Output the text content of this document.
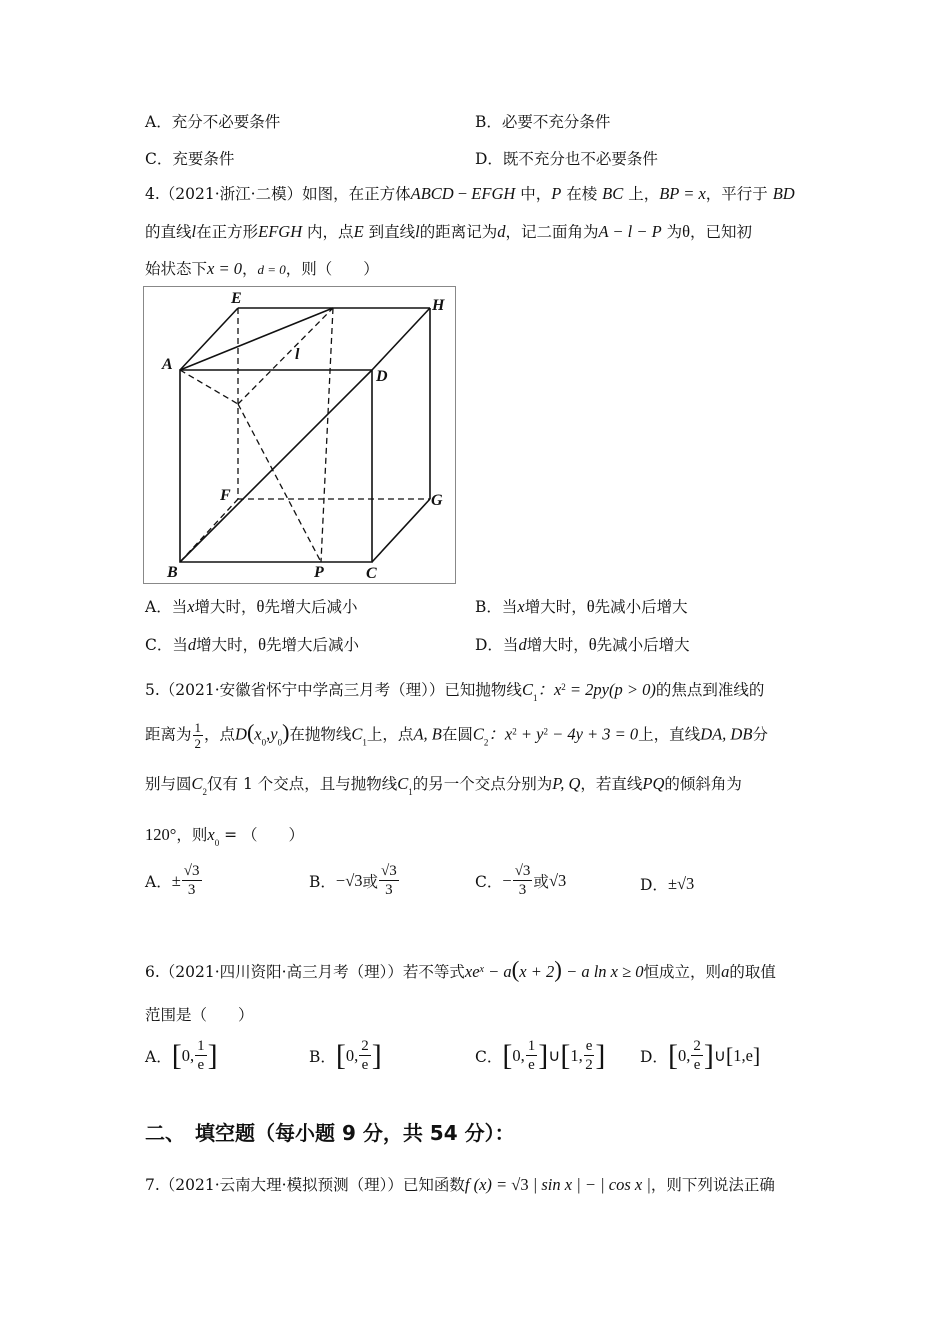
A．充分不必要条件	B．必要不充分条件
C．充要条件	D．既不充分也不必要条件
4.（2021·浙江·二模）如图，在正方体ABCD − EFGH 中，P 在棱 BC 上，BP = x，平行于 BD
的直线l在正方形EFGH 内，点E 到直线l的距离记为d，记二面角为A − l − P 为θ，已知初
始状态下x = 0，d = 0，则（　　）
E	H
A
D
l
F	G
B	P	C
A．当x增大时，θ先增大后减小	B．当x增大时，θ先减小后增大
C．当d增大时，θ先增大后减小	D．当d增大时，θ先减小后增大
5.（2021·安徽省怀宁中学高三月考（理））已知抛物线$C_1$：$x^2 = 2py(p > 0)$的焦点到准线的
距离为 $\frac{1}{2}$ ，点$D(x_0,y_0)$在抛物线$C_1$上，点A, B在圆$C_2$：$x^2 + y^2 - 4y + 3 = 0$上，直线DA, DB分
别与圆$C_2$仅有 1 个交点，且与抛物线$C_1$的另一个交点分别为P, Q，若直线PQ的倾斜角为
120°，则$x_0$ = （　　）
A． ± $\frac{√3}{3}$	B． −√3 或 $\frac{√3}{3}$	C． − $\frac{√3}{3}$ 或 √3	D． ±√3
6.（2021·四川资阳·高三月考（理））若不等式$xe^x - a(x + 2) - a$ ln x ≥ 0恒成立，则a的取值
范围是（　　）
A． [ 0, $\frac{1}{e}$ ]	B． [ 0, $\frac{2}{e}$ ]	C． [ 0, $\frac{1}{e}$ ] ∪ [ 1, $\frac{e}{2}$ ] D． [ 0, $\frac{2}{e}$ ] ∪ [ 1,e ]
二、　填空题（每小题 9 分，共 54 分）：
7.（2021·云南大理·模拟预测（理））已知函数f (x) = √3 | sin x | − | cos x |，则下列说法正确
